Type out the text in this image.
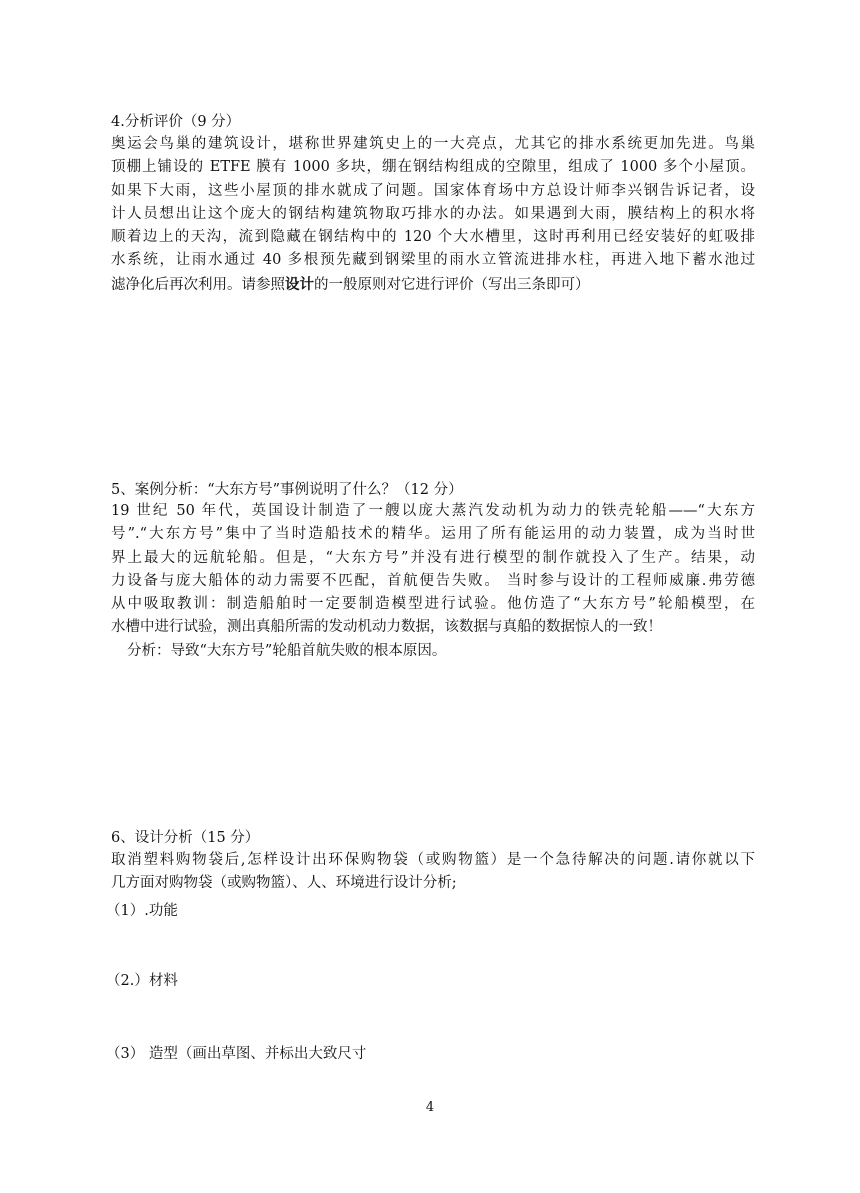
4.分析评价（9 分）
奥运会鸟巢的建筑设计，堪称世界建筑史上的一大亮点，尤其它的排水系统更加先进。鸟巢
顶棚上铺设的 ETFE 膜有 1000 多块，绷在钢结构组成的空隙里，组成了 1000 多个小屋顶。
如果下大雨，这些小屋顶的排水就成了问题。国家体育场中方总设计师李兴钢告诉记者，设
计人员想出让这个庞大的钢结构建筑物取巧排水的办法。如果遇到大雨，膜结构上的积水将
顺着边上的天沟，流到隐藏在钢结构中的 120 个大水槽里，这时再利用已经安装好的虹吸排
水系统，让雨水通过 40 多根预先藏到钢梁里的雨水立管流进排水柱，再进入地下蓄水池过
滤净化后再次利用。请参照设计的一般原则对它进行评价（写出三条即可）
5、案例分析：“大东方号”事例说明了什么？（12 分）
19 世纪 50 年代，英国设计制造了一艘以庞大蒸汽发动机为动力的铁壳轮船——“大东方
号”.“大东方号”集中了当时造船技术的精华。运用了所有能运用的动力装置，成为当时世
界上最大的远航轮船。但是，“大东方号”并没有进行模型的制作就投入了生产。结果，动
力设备与庞大船体的动力需要不匹配，首航便告失败。 当时参与设计的工程师威廉.弗劳德
从中吸取教训：制造船舶时一定要制造模型进行试验。他仿造了“大东方号”轮船模型，在
水槽中进行试验，测出真船所需的发动机动力数据，该数据与真船的数据惊人的一致！
分析：导致“大东方号”轮船首航失败的根本原因。
6、设计分析（15 分）
取消塑料购物袋后,怎样设计出环保购物袋（或购物篮）是一个急待解决的问题.请你就以下
几方面对购物袋（或购物篮）、人、环境进行设计分析;
（1）.功能
（2.）材料
（3） 造型（画出草图、并标出大致尺寸
4
